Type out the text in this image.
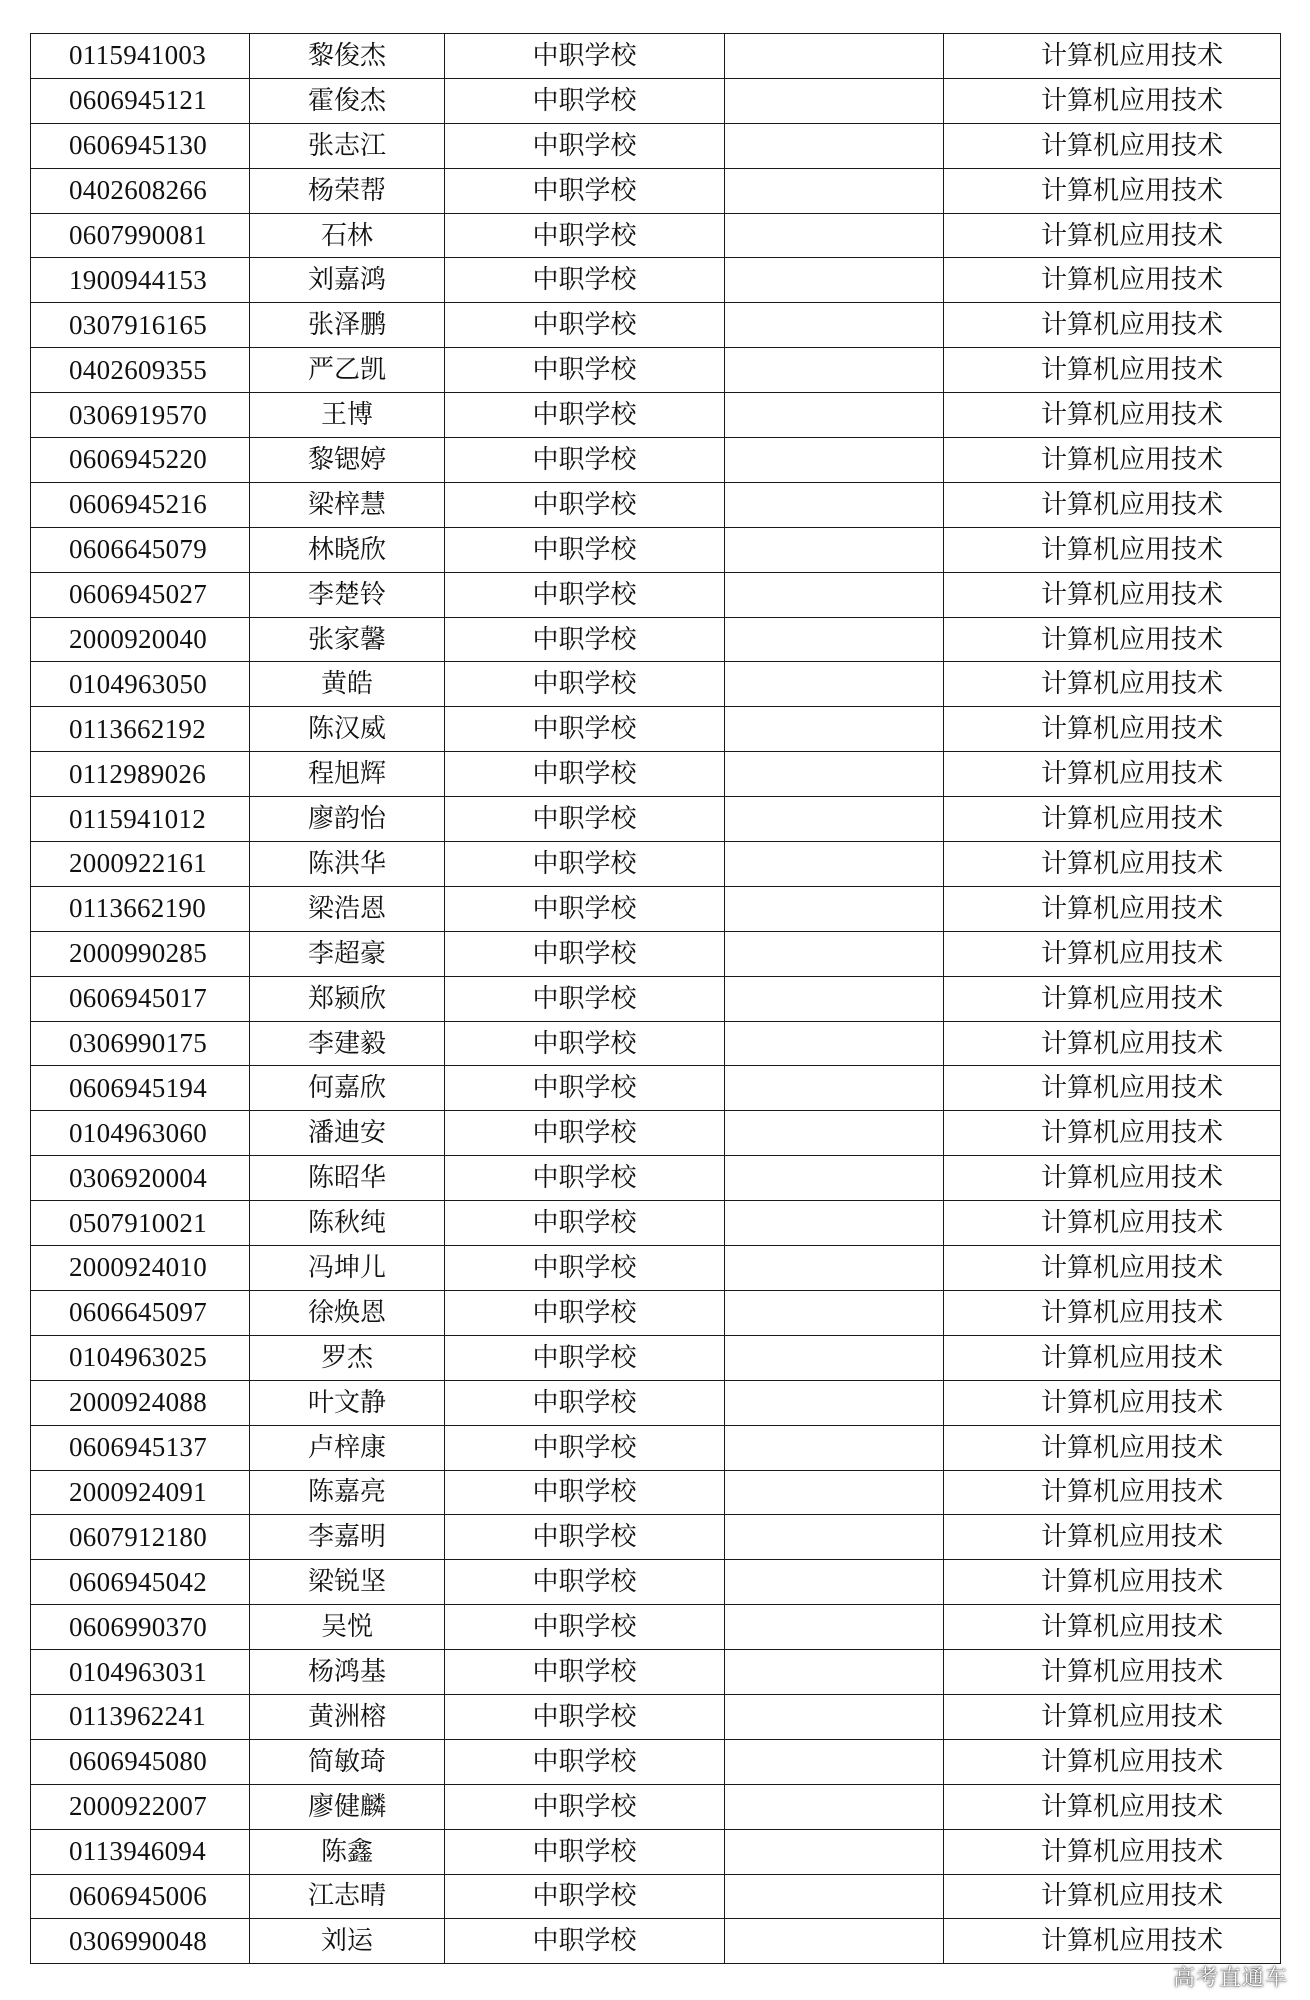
0115941003	黎俊杰	中职学校		计算机应用技术
0606945121	霍俊杰	中职学校		计算机应用技术
0606945130	张志江	中职学校		计算机应用技术
0402608266	杨荣帮	中职学校		计算机应用技术
0607990081	石林	中职学校		计算机应用技术
1900944153	刘嘉鸿	中职学校		计算机应用技术
0307916165	张泽鹏	中职学校		计算机应用技术
0402609355	严乙凯	中职学校		计算机应用技术
0306919570	王博	中职学校		计算机应用技术
0606945220	黎锶婷	中职学校		计算机应用技术
0606945216	梁梓慧	中职学校		计算机应用技术
0606645079	林晓欣	中职学校		计算机应用技术
0606945027	李楚铃	中职学校		计算机应用技术
2000920040	张家馨	中职学校		计算机应用技术
0104963050	黄皓	中职学校		计算机应用技术
0113662192	陈汉威	中职学校		计算机应用技术
0112989026	程旭辉	中职学校		计算机应用技术
0115941012	廖韵怡	中职学校		计算机应用技术
2000922161	陈洪华	中职学校		计算机应用技术
0113662190	梁浩恩	中职学校		计算机应用技术
2000990285	李超豪	中职学校		计算机应用技术
0606945017	郑颍欣	中职学校		计算机应用技术
0306990175	李建毅	中职学校		计算机应用技术
0606945194	何嘉欣	中职学校		计算机应用技术
0104963060	潘迪安	中职学校		计算机应用技术
0306920004	陈昭华	中职学校		计算机应用技术
0507910021	陈秋纯	中职学校		计算机应用技术
2000924010	冯坤儿	中职学校		计算机应用技术
0606645097	徐焕恩	中职学校		计算机应用技术
0104963025	罗杰	中职学校		计算机应用技术
2000924088	叶文静	中职学校		计算机应用技术
0606945137	卢梓康	中职学校		计算机应用技术
2000924091	陈嘉亮	中职学校		计算机应用技术
0607912180	李嘉明	中职学校		计算机应用技术
0606945042	梁锐坚	中职学校		计算机应用技术
0606990370	吴悦	中职学校		计算机应用技术
0104963031	杨鸿基	中职学校		计算机应用技术
0113962241	黄洲榕	中职学校		计算机应用技术
0606945080	简敏琦	中职学校		计算机应用技术
2000922007	廖健麟	中职学校		计算机应用技术
0113946094	陈鑫	中职学校		计算机应用技术
0606945006	江志晴	中职学校		计算机应用技术
0306990048	刘运	中职学校		计算机应用技术
高考直通车
